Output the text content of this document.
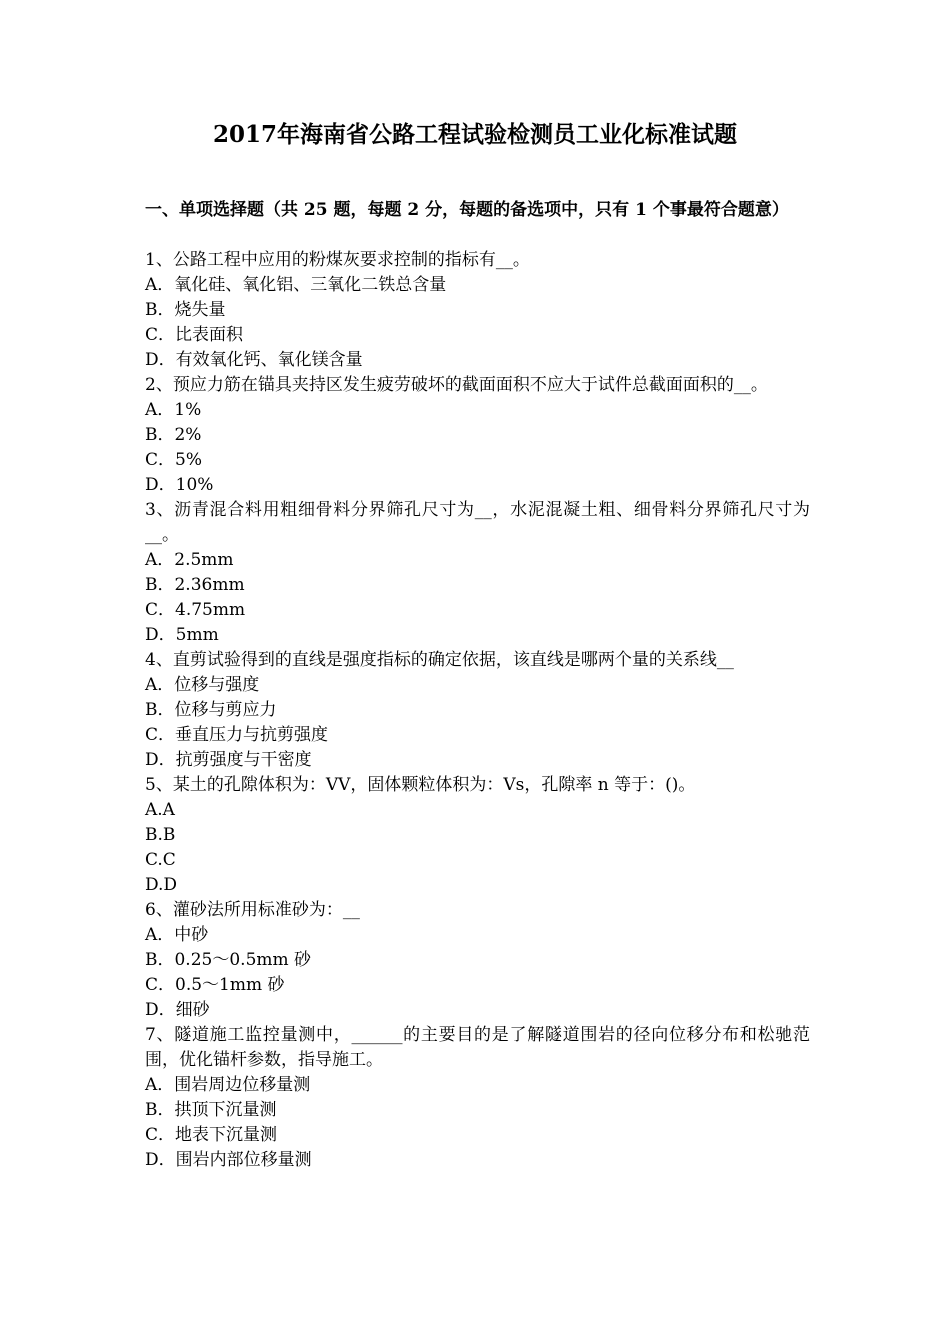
2017年海南省公路工程试验检测员工业化标准试题
一、单项选择题（共 25 题，每题 2 分，每题的备选项中，只有 1 个事最符合题意）
1、公路工程中应用的粉煤灰要求控制的指标有__。
A．氧化硅、氧化铝、三氧化二铁总含量
B．烧失量
C．比表面积
D．有效氧化钙、氧化镁含量
2、预应力筋在锚具夹持区发生疲劳破坏的截面面积不应大于试件总截面面积的__。
A．1%
B．2%
C．5%
D．10%
3、沥青混合料用粗细骨料分界筛孔尺寸为__，水泥混凝土粗、细骨料分界筛孔尺寸为__。
A．2.5mm
B．2.36mm
C．4.75mm
D．5mm
4、直剪试验得到的直线是强度指标的确定依据，该直线是哪两个量的关系线__
A．位移与强度
B．位移与剪应力
C．垂直压力与抗剪强度
D．抗剪强度与干密度
5、某土的孔隙体积为：VV，固体颗粒体积为：Vs，孔隙率 n 等于：()。
A.A
B.B
C.C
D.D
6、灌砂法所用标准砂为：__
A．中砂
B．0.25～0.5mm 砂
C．0.5～1mm 砂
D．细砂
7、隧道施工监控量测中，______的主要目的是了解隧道围岩的径向位移分布和松驰范围，优化锚杆参数，指导施工。
A．围岩周边位移量测
B．拱顶下沉量测
C．地表下沉量测
D．围岩内部位移量测
